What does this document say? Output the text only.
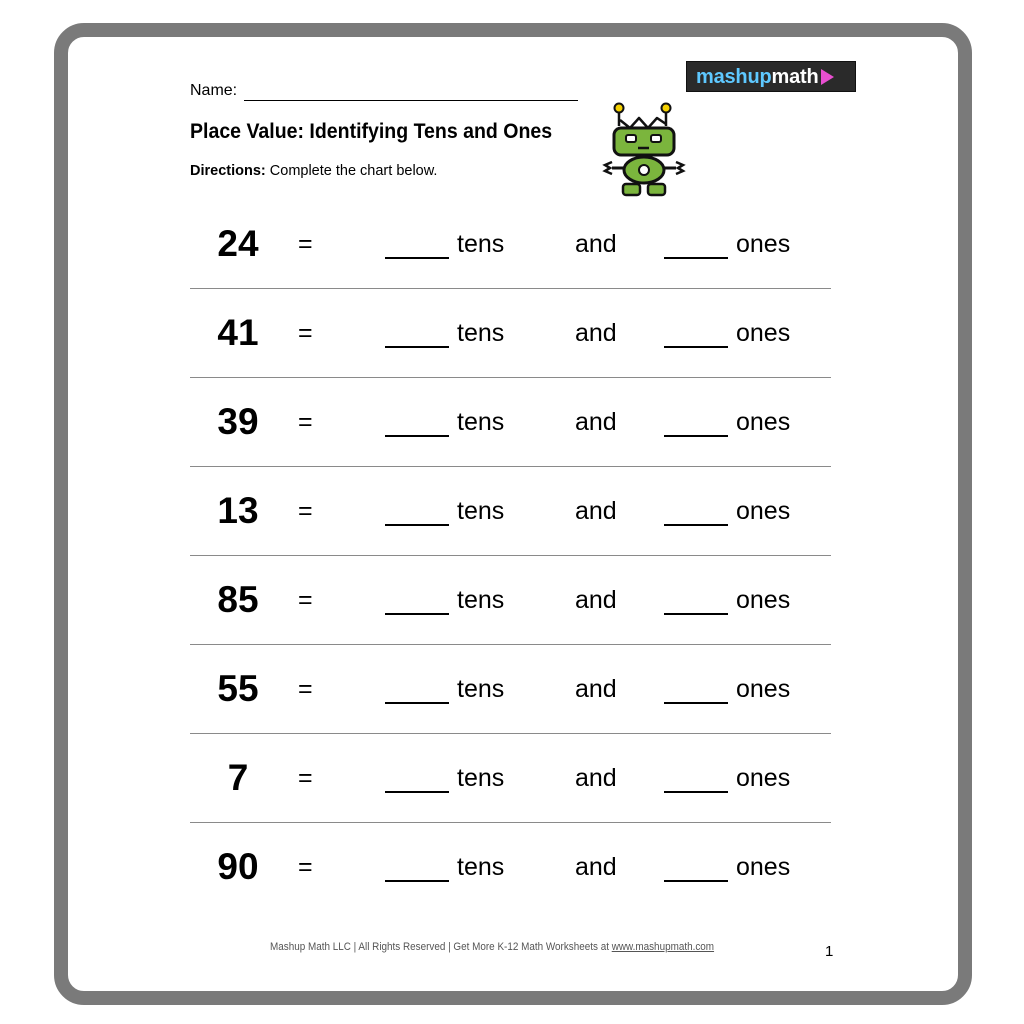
Name:
Place Value: Identifying Tens and Ones
Directions: Complete the chart below.
mashup math
24	=	tens	and	ones
41	=	tens	and	ones
39	=	tens	and	ones
13	=	tens	and	ones
85	=	tens	and	ones
55	=	tens	and	ones
7	=	tens	and	ones
90	=	tens	and	ones
Mashup Math LLC | All Rights Reserved | Get More K-12 Math Worksheets at www.mashupmath.com	1
